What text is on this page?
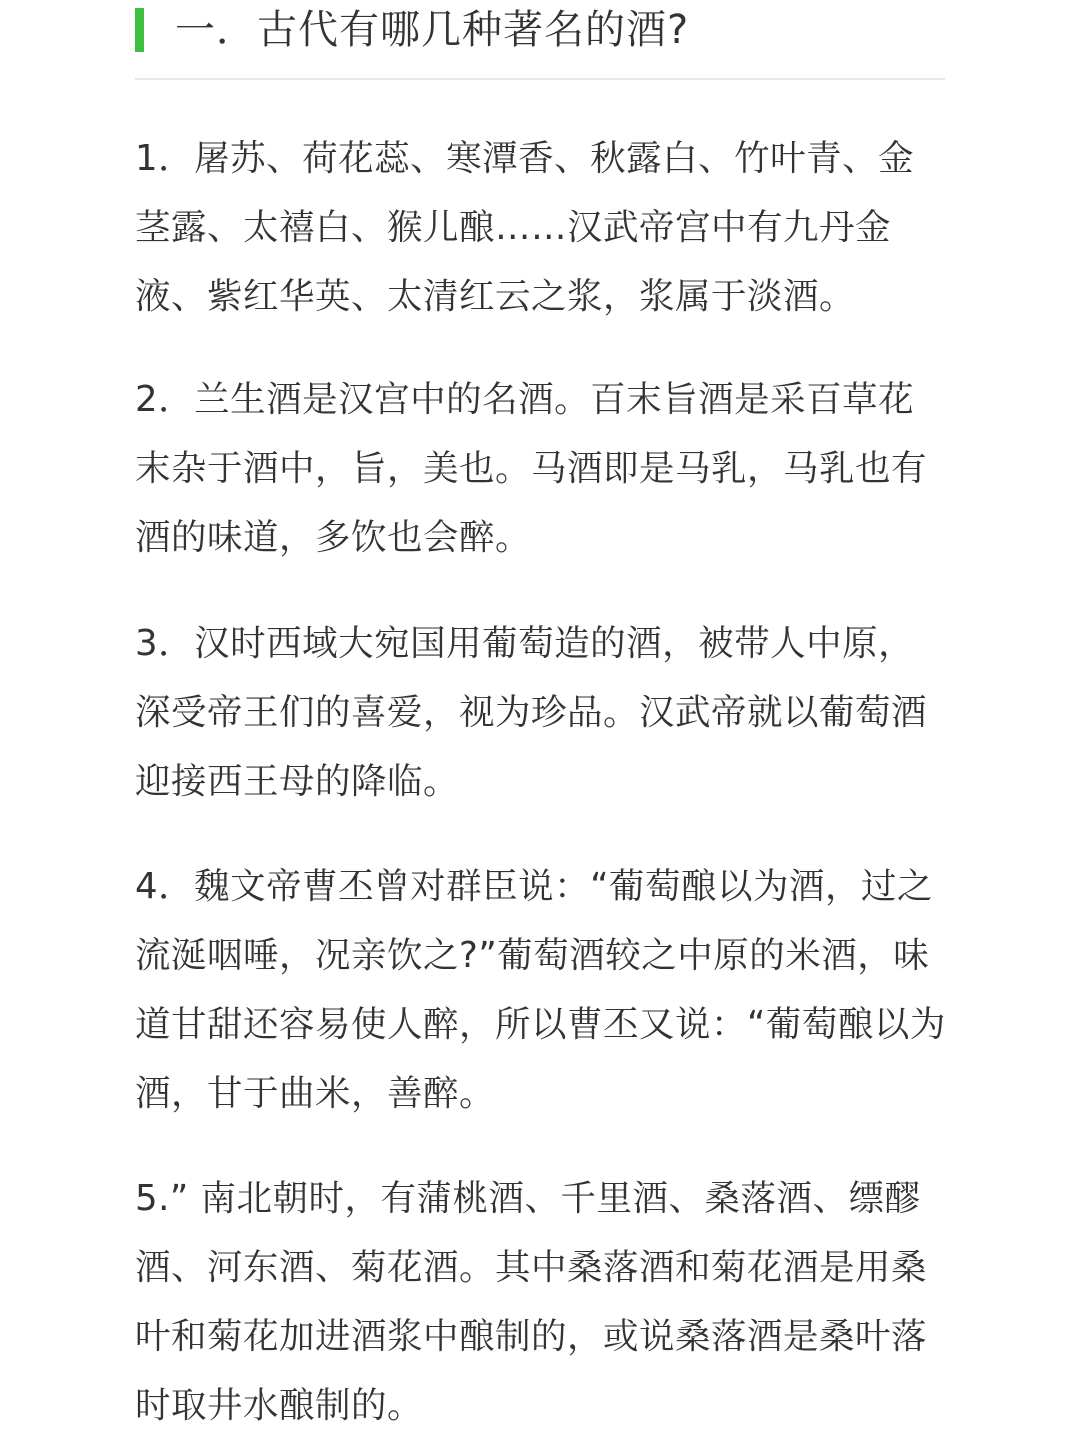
一．古代有哪几种著名的酒?

1．屠苏、荷花蕊、寒潭香、秋露白、竹叶青、金茎露、太禧白、猴儿酿……汉武帝宫中有九丹金液、紫红华英、太清红云之浆，浆属于淡酒。

2．兰生酒是汉宫中的名酒。百末旨酒是采百草花末杂于酒中，旨，美也。马酒即是马乳，马乳也有酒的味道，多饮也会醉。

3．汉时西域大宛国用葡萄造的酒，被带人中原，深受帝王们的喜爱，视为珍品。汉武帝就以葡萄酒迎接西王母的降临。

4．魏文帝曹丕曾对群臣说：“葡萄酿以为酒，过之流涎咽唾，况亲饮之?”葡萄酒较之中原的米酒，味道甘甜还容易使人醉，所以曹丕又说：“葡萄酿以为酒，甘于曲米，善醉。

5.” 南北朝时，有蒲桃酒、千里酒、桑落酒、缥醪酒、河东酒、菊花酒。其中桑落酒和菊花酒是用桑叶和菊花加进酒浆中酿制的，或说桑落酒是桑叶落时取井水酿制的。
